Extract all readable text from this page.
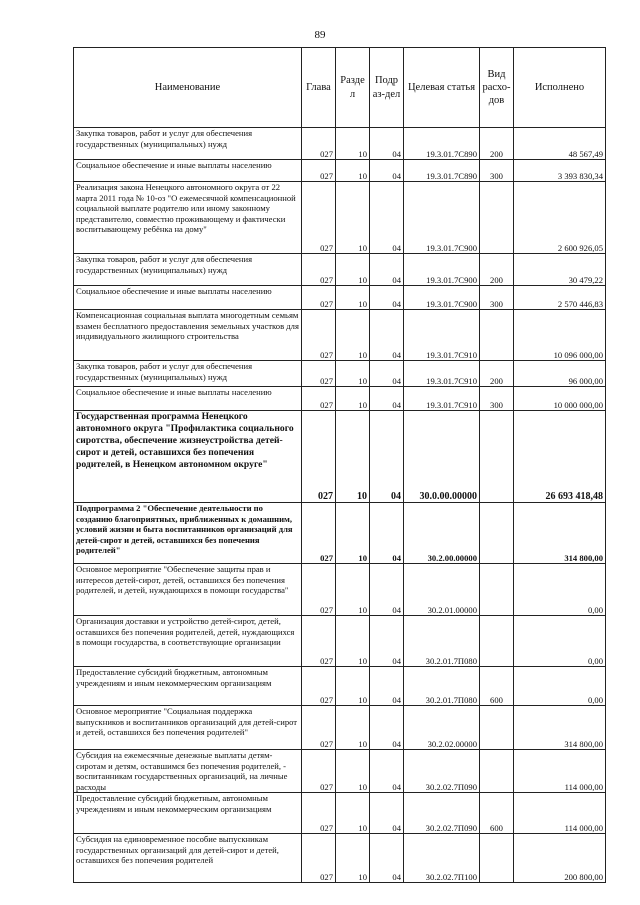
89
Наименование	Глава	Разде л	Подр аз-дел	Целевая статья	Вид расхо-дов	Исполнено
Закупка товаров, работ и услуг для обеспечения государственных (муниципальных) нужд	027	10	04	19.3.01.7C890	200	48 567,49
Социальное обеспечение и иные выплаты населению	027	10	04	19.3.01.7C890	300	3 393 830,34
Реализация закона Ненецкого автономного округа от 22 марта 2011 года № 10-оз "О ежемесячной компенсационной социальной выплате родителю или иному законному представителю, совместно проживающему и фактически воспитывающему ребёнка на дому"	027	10	04	19.3.01.7C900		2 600 926,05
Закупка товаров, работ и услуг для обеспечения государственных (муниципальных) нужд	027	10	04	19.3.01.7C900	200	30 479,22
Социальное обеспечение и иные выплаты населению	027	10	04	19.3.01.7C900	300	2 570 446,83
Компенсационная социальная выплата многодетным семьям взамен бесплатного предоставления земельных участков для индивидуального жилищного строительства	027	10	04	19.3.01.7C910		10 096 000,00
Закупка товаров, работ и услуг для обеспечения государственных (муниципальных) нужд	027	10	04	19.3.01.7C910	200	96 000,00
Социальное обеспечение и иные выплаты населению	027	10	04	19.3.01.7C910	300	10 000 000,00
Государственная программа Ненецкого автономного округа "Профилактика социального сиротства, обеспечение жизнеустройства детей-сирот и детей, оставшихся без попечения родителей, в Ненецком автономном округе"	027	10	04	30.0.00.00000		26 693 418,48
Подпрограмма 2 "Обеспечение деятельности по созданию благоприятных, приближенных к домашним, условий жизни и быта воспитанников организаций для детей-сирот и детей, оставшихся без попечения родителей"	027	10	04	30.2.00.00000		314 800,00
Основное мероприятие "Обеспечение защиты прав и интересов детей-сирот, детей, оставшихся без попечения родителей, и детей, нуждающихся в помощи государства"	027	10	04	30.2.01.00000		0,00
Организация доставки и устройство детей-сирот, детей, оставшихся без попечения родителей, детей, нуждающихся в помощи государства, в соответствующие организации	027	10	04	30.2.01.7П080		0,00
Предоставление субсидий бюджетным, автономным учреждениям и иным некоммерческим организациям	027	10	04	30.2.01.7П080	600	0,00
Основное мероприятие "Социальная поддержка выпускников и воспитанников организаций для детей-сирот и детей, оставшихся без попечения родителей"	027	10	04	30.2.02.00000		314 800,00
Субсидия на ежемесячные денежные выплаты детям-сиротам и детям, оставшимся без попечения родителей, - воспитанникам государственных организаций, на личные расходы	027	10	04	30.2.02.7П090		114 000,00
Предоставление субсидий бюджетным, автономным учреждениям и иным некоммерческим организациям	027	10	04	30.2.02.7П090	600	114 000,00
Субсидия на единовременное пособие выпускникам государственных организаций для детей-сирот и детей, оставшихся без попечения родителей	027	10	04	30.2.02.7П100		200 800,00
